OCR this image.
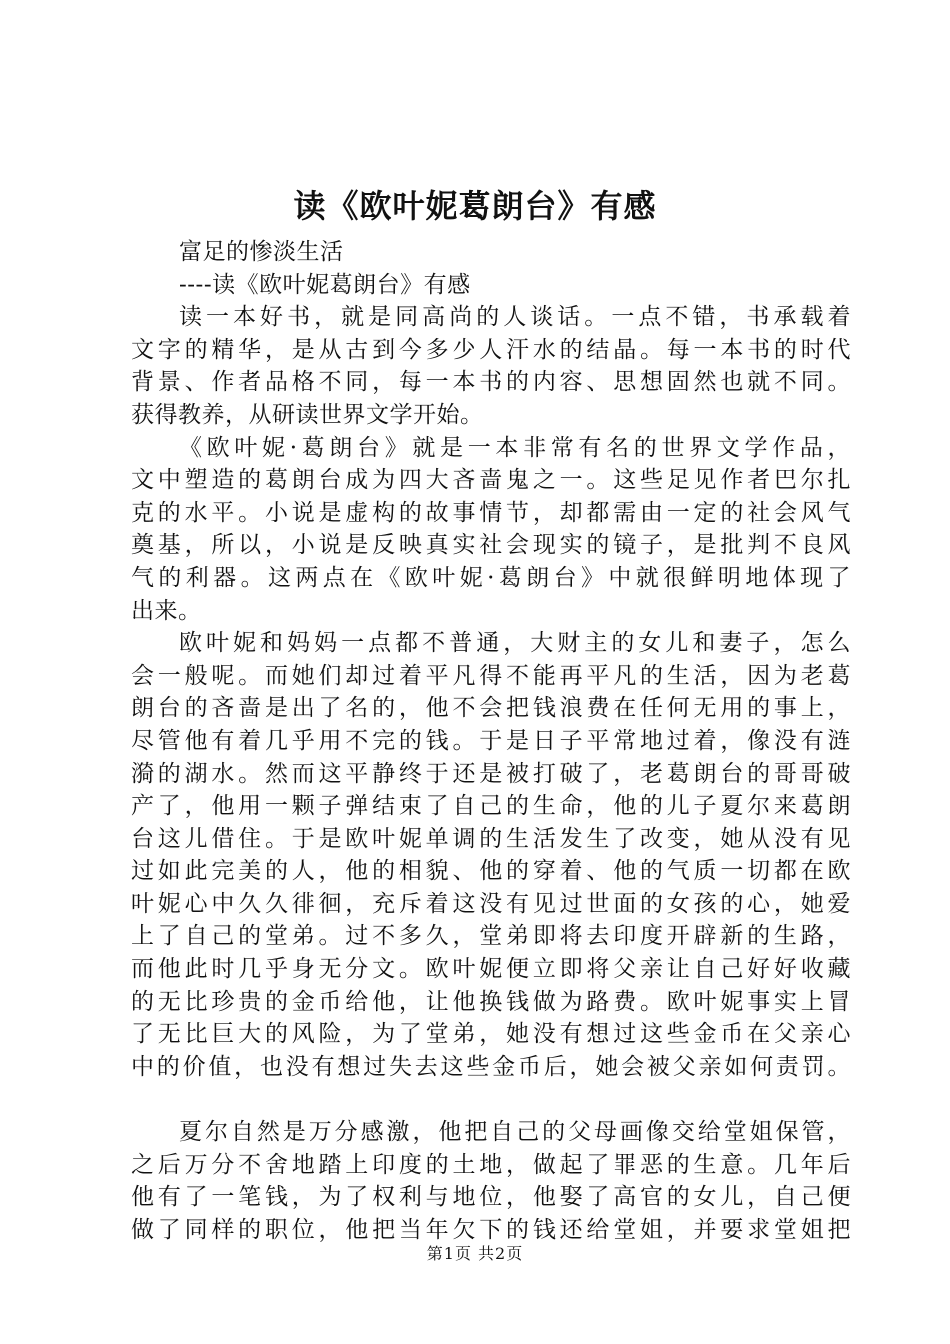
读《欧叶妮葛朗台》有感
富足的惨淡生活
----读《欧叶妮葛朗台》有感
读一本好书，就是同高尚的人谈话。一点不错，书承载着
文字的精华，是从古到今多少人汗水的结晶。每一本书的时代
背景、作者品格不同，每一本书的内容、思想固然也就不同。
获得教养，从研读世界文学开始。
《欧叶妮·葛朗台》就是一本非常有名的世界文学作品，
文中塑造的葛朗台成为四大吝啬鬼之一。这些足见作者巴尔扎
克的水平。小说是虚构的故事情节，却都需由一定的社会风气
奠基，所以，小说是反映真实社会现实的镜子，是批判不良风
气的利器。这两点在《欧叶妮·葛朗台》中就很鲜明地体现了
出来。
欧叶妮和妈妈一点都不普通，大财主的女儿和妻子，怎么
会一般呢。而她们却过着平凡得不能再平凡的生活，因为老葛
朗台的吝啬是出了名的，他不会把钱浪费在任何无用的事上，
尽管他有着几乎用不完的钱。于是日子平常地过着，像没有涟
漪的湖水。然而这平静终于还是被打破了，老葛朗台的哥哥破
产了，他用一颗子弹结束了自己的生命，他的儿子夏尔来葛朗
台这儿借住。于是欧叶妮单调的生活发生了改变，她从没有见
过如此完美的人，他的相貌、他的穿着、他的气质一切都在欧
叶妮心中久久徘徊，充斥着这没有见过世面的女孩的心，她爱
上了自己的堂弟。过不多久，堂弟即将去印度开辟新的生路，
而他此时几乎身无分文。欧叶妮便立即将父亲让自己好好收藏
的无比珍贵的金币给他，让他换钱做为路费。欧叶妮事实上冒
了无比巨大的风险，为了堂弟，她没有想过这些金币在父亲心
中的价值，也没有想过失去这些金币后，她会被父亲如何责罚。
夏尔自然是万分感激，他把自己的父母画像交给堂姐保管，
之后万分不舍地踏上印度的土地，做起了罪恶的生意。几年后
他有了一笔钱，为了权利与地位，他娶了高官的女儿，自己便
做了同样的职位，他把当年欠下的钱还给堂姐，并要求堂姐把
第1页 共2页
